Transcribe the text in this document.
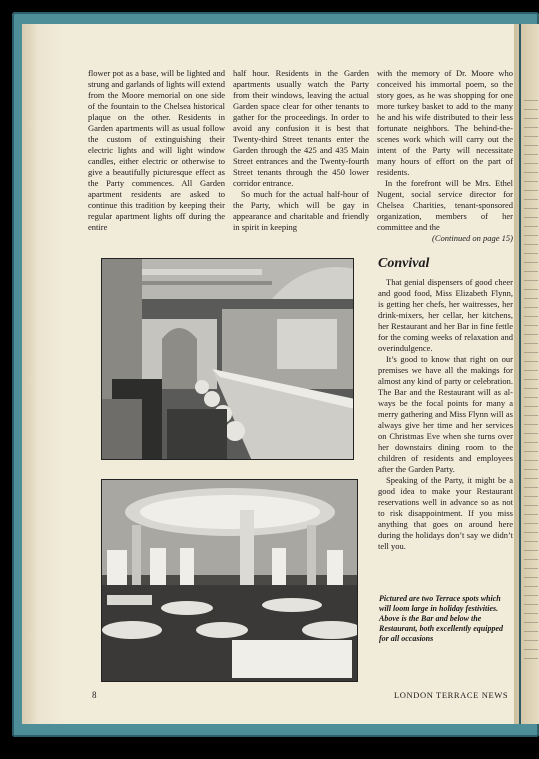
flower pot as a base, will be lighted and strung and garlands of lights will extend from the Moore memorial on one side of the fountain to the Chelsea historical plaque on the other. Residents in Garden apartments will as usual follow the custom of extinguishing their electric lights and will light window candles, either electric or otherwise to give a beautifully picturesque effect as the Party commences. All Garden apartment residents are asked to continue this tradition by keeping their regular apartment lights off during the entire

half hour. Residents in the Garden apartments usually watch the Party from their windows, leaving the actual Garden space clear for other tenants to gather for the proceedings. In order to avoid any confusion it is best that Twenty-third Street tenants enter the Garden through the 425 and 435 Main Street entrances and the Twenty-fourth Street tenants through the 450 lower corridor entrance.

So much for the actual half-hour of the Party, which will be gay in appearance and charitable and friendly in spirit in keeping

with the memory of Dr. Moore who conceived his immortal poem, so the story goes, as he was shopping for one more turkey basket to add to the many he and his wife distributed to their less fortunate neighbors. The behind-the-scenes work which will carry out the intent of the Party will necessitate many hours of effort on the part of residents.

In the forefront will be Mrs. Ethel Nugent, social service director for Chelsea Charities, tenant-sponsored organization, members of her committee and the

(Continued on page 15)

Convival

That genial dispensers of good cheer and good food, Miss Elizabeth Flynn, is getting her chefs, her waitresses, her drink-mixers, her cellar, her kitchens, her Restaurant and her Bar in fine fettle for the coming weeks of relaxation and overindulgence.

It’s good to know that right on our premises we have all the makings for almost any kind of party or celebration. The Bar and the Restaurant will as always be the focal points for many a merry gathering and Miss Flynn will as always give her time and her services on Christmas Eve when she turns over her downstairs dining room to the children of residents and employees after the Garden Party.

Speaking of the Party, it might be a good idea to make your Restaurant reservations well in advance so as not to risk disappointment. If you miss anything that goes on around here during the holidays don’t say we didn’t tell you.

Pictured are two Terrace spots which will loom large in holiday festivities. Above is the Bar and below the Restaurant, both excellently equipped for all occasions
8	LONDON TERRACE NEWS
